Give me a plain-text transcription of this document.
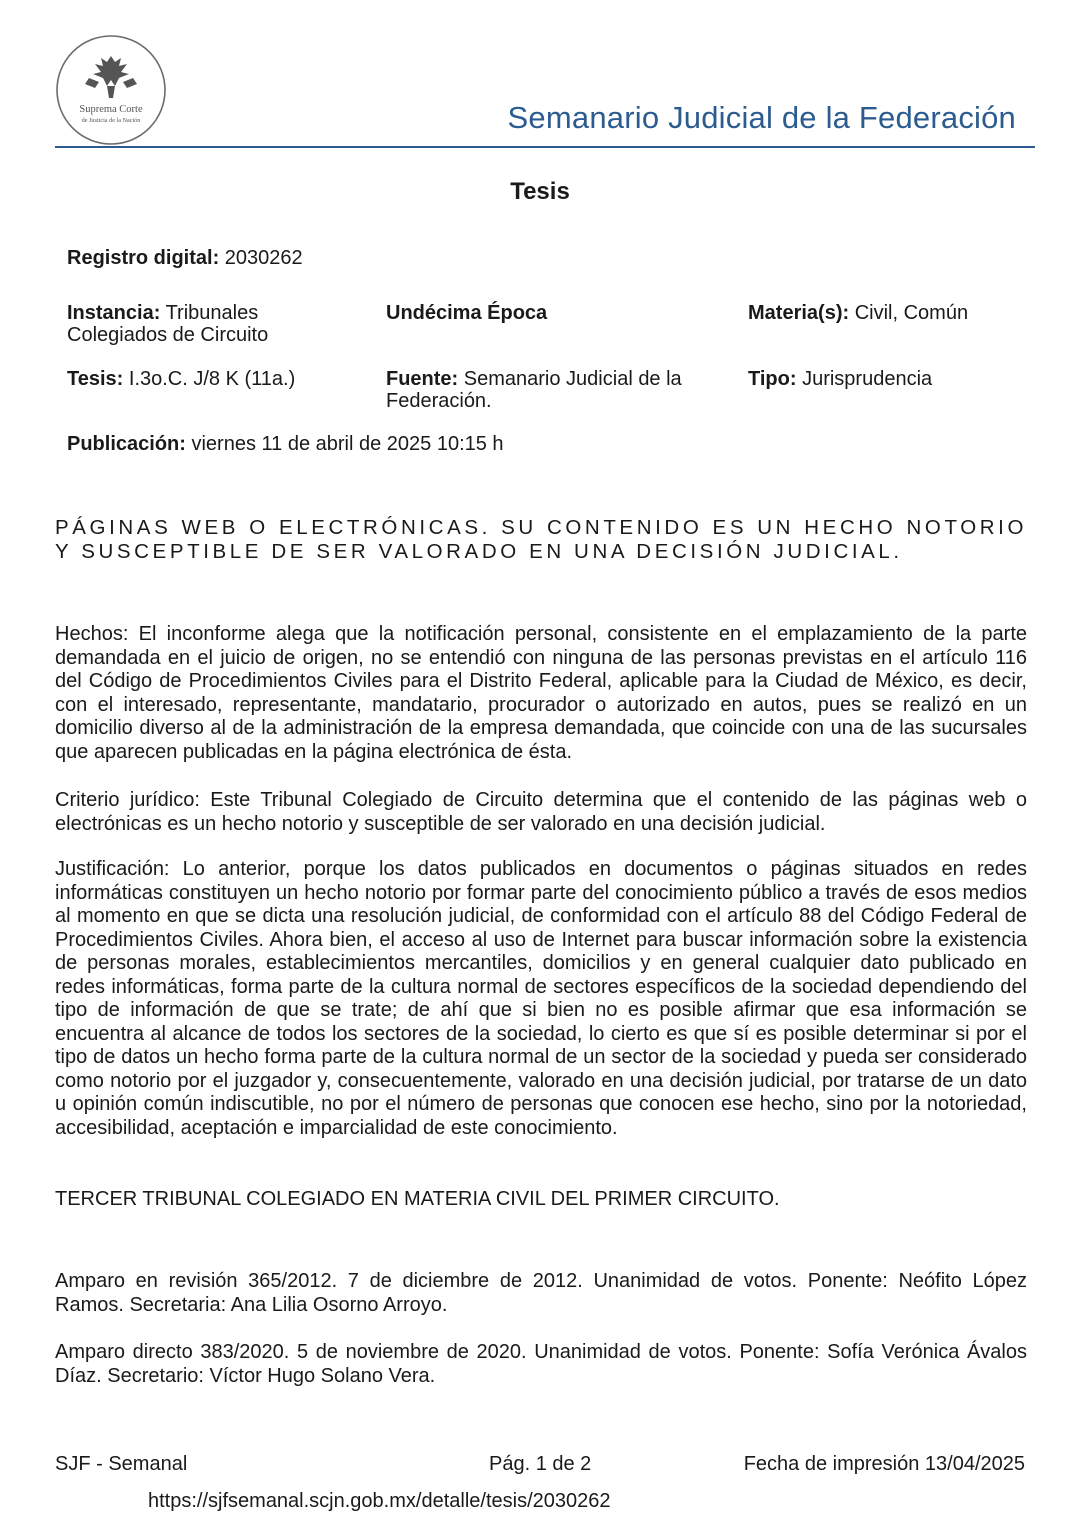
Suprema Corte
de Justicia de la Nación	Semanario Judicial de la Federación
Tesis
Registro digital: 2030262
Instancia: Tribunales Colegiados de Circuito
Undécima Época	Materia(s): Civil, Común
Tesis: I.3o.C. J/8 K (11a.)	Fuente: Semanario Judicial de la Federación.
Tipo: Jurisprudencia
Publicación: viernes 11 de abril de 2025 10:15 h
PÁGINAS WEB O ELECTRÓNICAS. SU CONTENIDO ES UN HECHO NOTORIO Y SUSCEPTIBLE DE SER VALORADO EN UNA DECISIÓN JUDICIAL.
Hechos: El inconforme alega que la notificación personal, consistente en el emplazamiento de la parte demandada en el juicio de origen, no se entendió con ninguna de las personas previstas en el artículo 116 del Código de Procedimientos Civiles para el Distrito Federal, aplicable para la Ciudad de México, es decir, con el interesado, representante, mandatario, procurador o autorizado en autos, pues se realizó en un domicilio diverso al de la administración de la empresa demandada, que coincide con una de las sucursales que aparecen publicadas en la página electrónica de ésta.
Criterio jurídico: Este Tribunal Colegiado de Circuito determina que el contenido de las páginas web o electrónicas es un hecho notorio y susceptible de ser valorado en una decisión judicial.
Justificación: Lo anterior, porque los datos publicados en documentos o páginas situados en redes informáticas constituyen un hecho notorio por formar parte del conocimiento público a través de esos medios al momento en que se dicta una resolución judicial, de conformidad con el artículo 88 del Código Federal de Procedimientos Civiles. Ahora bien, el acceso al uso de Internet para buscar información sobre la existencia de personas morales, establecimientos mercantiles, domicilios y en general cualquier dato publicado en redes informáticas, forma parte de la cultura normal de sectores específicos de la sociedad dependiendo del tipo de información de que se trate; de ahí que si bien no es posible afirmar que esa información se encuentra al alcance de todos los sectores de la sociedad, lo cierto es que sí es posible determinar si por el tipo de datos un hecho forma parte de la cultura normal de un sector de la sociedad y pueda ser considerado como notorio por el juzgador y, consecuentemente, valorado en una decisión judicial, por tratarse de un dato u opinión común indiscutible, no por el número de personas que conocen ese hecho, sino por la notoriedad, accesibilidad, aceptación e imparcialidad de este conocimiento.
TERCER TRIBUNAL COLEGIADO EN MATERIA CIVIL DEL PRIMER CIRCUITO.
Amparo en revisión 365/2012. 7 de diciembre de 2012. Unanimidad de votos. Ponente: Neófito López Ramos. Secretaria: Ana Lilia Osorno Arroyo.
Amparo directo 383/2020. 5 de noviembre de 2020. Unanimidad de votos. Ponente: Sofía Verónica Ávalos Díaz. Secretario: Víctor Hugo Solano Vera.
SJF - Semanal	Pág. 1 de 2	Fecha de impresión 13/04/2025
https://sjfsemanal.scjn.gob.mx/detalle/tesis/2030262
